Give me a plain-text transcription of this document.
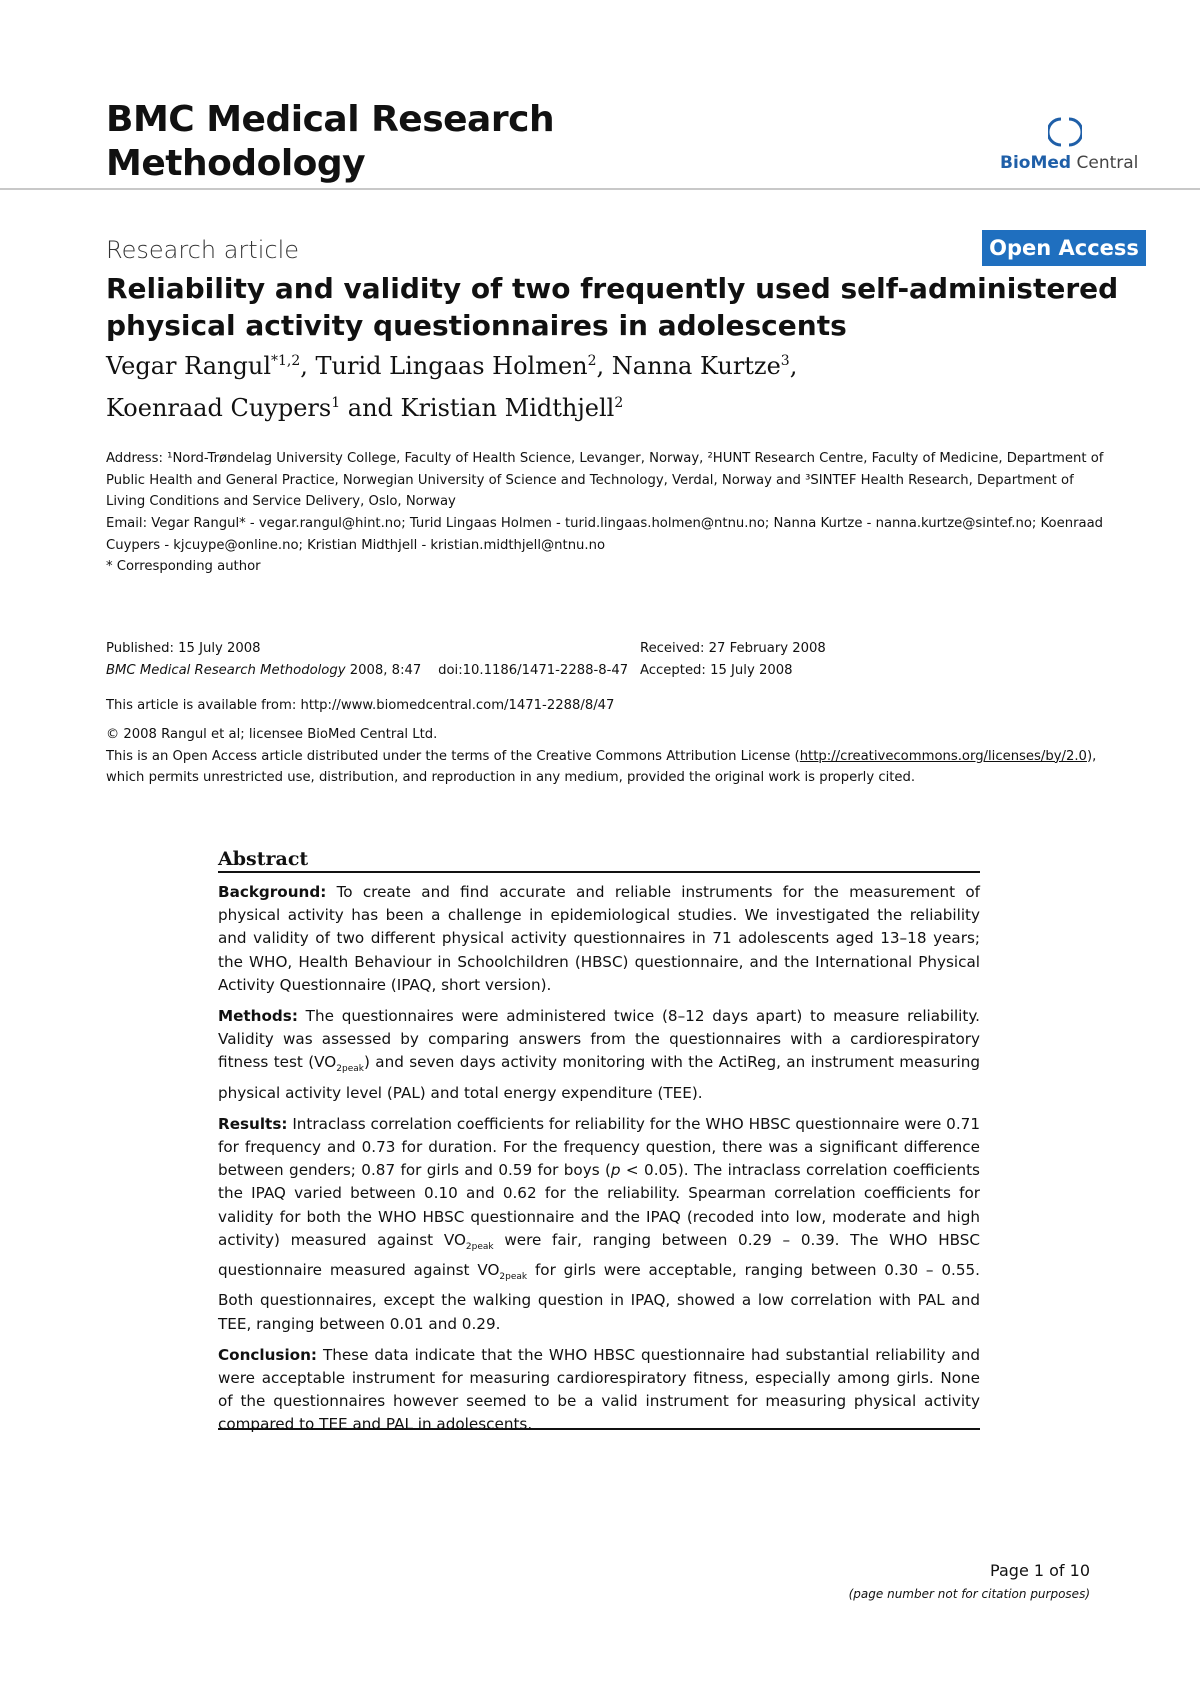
BMC Medical Research
Methodology	BioMed Central
Research article	Open Access
Reliability and validity of two frequently used self-administered physical activity questionnaires in adolescents
Vegar Rangul$^{*1,2}$, Turid Lingaas Holmen$^2$, Nanna Kurtze$^3$,
Koenraad Cuypers$^1$ and Kristian Midthjell$^2$
Address: ¹Nord-Trøndelag University College, Faculty of Health Science, Levanger, Norway, ²HUNT Research Centre, Faculty of Medicine, Department of Public Health and General Practice, Norwegian University of Science and Technology, Verdal, Norway and ³SINTEF Health Research, Department of Living Conditions and Service Delivery, Oslo, Norway
Email: Vegar Rangul* - vegar.rangul@hint.no; Turid Lingaas Holmen - turid.lingaas.holmen@ntnu.no; Nanna Kurtze - nanna.kurtze@sintef.no; Koenraad Cuypers - kjcuype@online.no; Kristian Midthjell - kristian.midthjell@ntnu.no
* Corresponding author
Published: 15 July 2008
BMC Medical Research Methodology 2008, 8:47 doi:10.1186/1471-2288-8-47
Received: 27 February 2008
Accepted: 15 July 2008
This article is available from: http://www.biomedcentral.com/1471-2288/8/47
© 2008 Rangul et al; licensee BioMed Central Ltd.
This is an Open Access article distributed under the terms of the Creative Commons Attribution License (http://creativecommons.org/licenses/by/2.0), which permits unrestricted use, distribution, and reproduction in any medium, provided the original work is properly cited.
Abstract

Background: To create and find accurate and reliable instruments for the measurement of physical activity has been a challenge in epidemiological studies. We investigated the reliability and validity of two different physical activity questionnaires in 71 adolescents aged 13–18 years; the WHO, Health Behaviour in Schoolchildren (HBSC) questionnaire, and the International Physical Activity Questionnaire (IPAQ, short version).

Methods: The questionnaires were administered twice (8–12 days apart) to measure reliability. Validity was assessed by comparing answers from the questionnaires with a cardiorespiratory fitness test $(VO_{2peak})$ and seven days activity monitoring with the ActiReg, an instrument measuring physical activity level (PAL) and total energy expenditure (TEE).

Results: Intraclass correlation coefficients for reliability for the WHO HBSC questionnaire were 0.71 for frequency and 0.73 for duration. For the frequency question, there was a significant difference between genders; 0.87 for girls and 0.59 for boys (p < 0.05). The intraclass correlation coefficients the IPAQ varied between 0.10 and 0.62 for the reliability. Spearman correlation coefficients for validity for both the WHO HBSC questionnaire and the IPAQ (recoded into low, moderate and high activity) measured against $VO_{2peak}$ were fair, ranging between 0.29 – 0.39. The WHO HBSC questionnaire measured against $VO_{2peak}$ for girls were acceptable, ranging between 0.30 – 0.55. Both questionnaires, except the walking question in IPAQ, showed a low correlation with PAL and TEE, ranging between 0.01 and 0.29.

Conclusion: These data indicate that the WHO HBSC questionnaire had substantial reliability and were acceptable instrument for measuring cardiorespiratory fitness, especially among girls. None of the questionnaires however seemed to be a valid instrument for measuring physical activity compared to TEE and PAL in adolescents.

Page 1 of 10
(page number not for citation purposes)
